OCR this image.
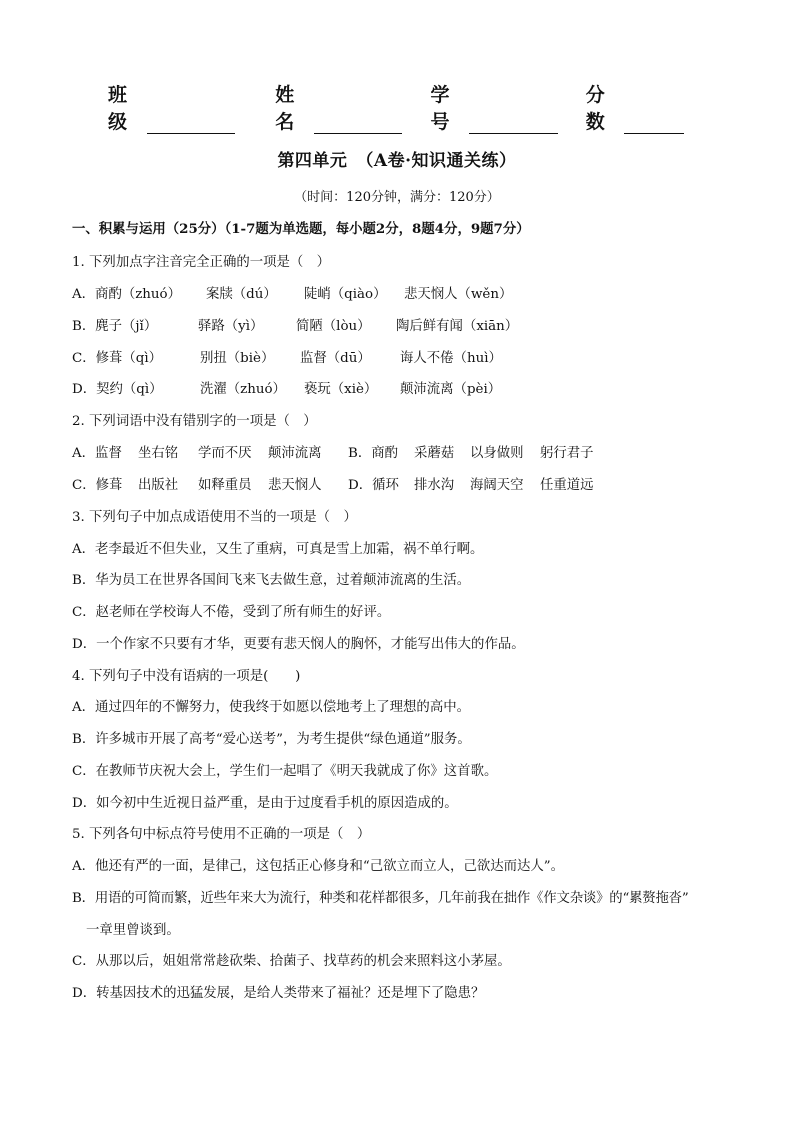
班级
姓名
学号
分数
第四单元　（A卷·知识通关练）
（时间：120分钟，满分：120分）
一、积累与运用（25分）（1-7题为单选题，每小题2分，8题4分，9题7分）
1. 下列加点字注音完全正确的一项是（　）
A．商酌（zhuó）	案牍（dú）	陡峭（qiào）	悲天悯人（wěn）
B．麂子（jǐ）	驿路（yì）	简陋（lòu）	陶后鲜有闻（xiān）
C．修葺（qì）	别扭（biè）	监督（dū）	诲人不倦（huì）
D．契约（qì）	洗濯（zhuó）	亵玩（xiè）	颠沛流离（pèi）
2. 下列词语中没有错别字的一项是（　）
A．监督	坐右铭	学而不厌	颠沛流离	B．商酌	采蘑菇	以身做则	躬行君子
C．修葺	出版社	如释重员	悲天悯人	D．循环	排水沟	海阔天空	任重道远
3. 下列句子中加点成语使用不当的一项是（　）
A．老李最近不但失业，又生了重病，可真是雪上加霜，祸不单行啊。
B．华为员工在世界各国间飞来飞去做生意，过着颠沛流离的生活。
C．赵老师在学校诲人不倦，受到了所有师生的好评。
D．一个作家不只要有才华，更要有悲天悯人的胸怀，才能写出伟大的作品。
4. 下列句子中没有语病的一项是(　　)
A．通过四年的不懈努力，使我终于如愿以偿地考上了理想的高中。
B．许多城市开展了高考“爱心送考”，为考生提供“绿色通道”服务。
C．在教师节庆祝大会上，学生们一起唱了《明天我就成了你》这首歌。
D．如今初中生近视日益严重，是由于过度看手机的原因造成的。
5. 下列各句中标点符号使用不正确的一项是（　）
A．他还有严的一面，是律己，这包括正心修身和“己欲立而立人，己欲达而达人”。
B．用语的可简而繁，近些年来大为流行，种类和花样都很多，几年前我在拙作《作文杂谈》的“累赘拖沓”
一章里曾谈到。
C．从那以后，姐姐常常趁砍柴、拾菌子、找草药的机会来照料这小茅屋。
D．转基因技术的迅猛发展，是给人类带来了福祉？还是埋下了隐患？
